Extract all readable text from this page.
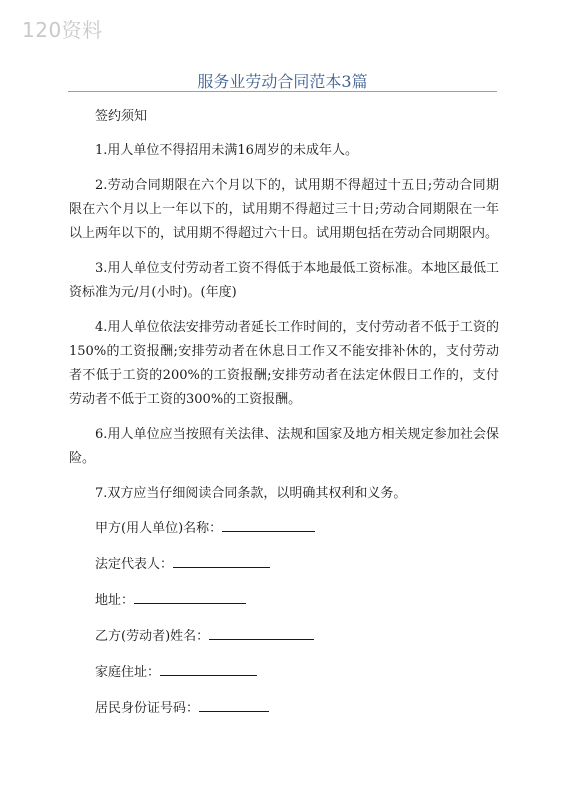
120资料
服务业劳动合同范本3篇

签约须知

1.用人单位不得招用未满16周岁的未成年人。

2.劳动合同期限在六个月以下的，试用期不得超过十五日;劳动合同期限在六个月以上一年以下的，试用期不得超过三十日;劳动合同期限在一年以上两年以下的，试用期不得超过六十日。试用期包括在劳动合同期限内。

3.用人单位支付劳动者工资不得低于本地最低工资标准。本地区最低工资标准为元/月(小时)。(年度)

4.用人单位依法安排劳动者延长工作时间的，支付劳动者不低于工资的150%的工资报酬;安排劳动者在休息日工作又不能安排补休的，支付劳动者不低于工资的200%的工资报酬;安排劳动者在法定休假日工作的，支付劳动者不低于工资的300%的工资报酬。

6.用人单位应当按照有关法律、法规和国家及地方相关规定参加社会保险。

7.双方应当仔细阅读合同条款，以明确其权利和义务。

甲方(用人单位)名称：

法定代表人：

地址：

乙方(劳动者)姓名：

家庭住址：

居民身份证号码：
